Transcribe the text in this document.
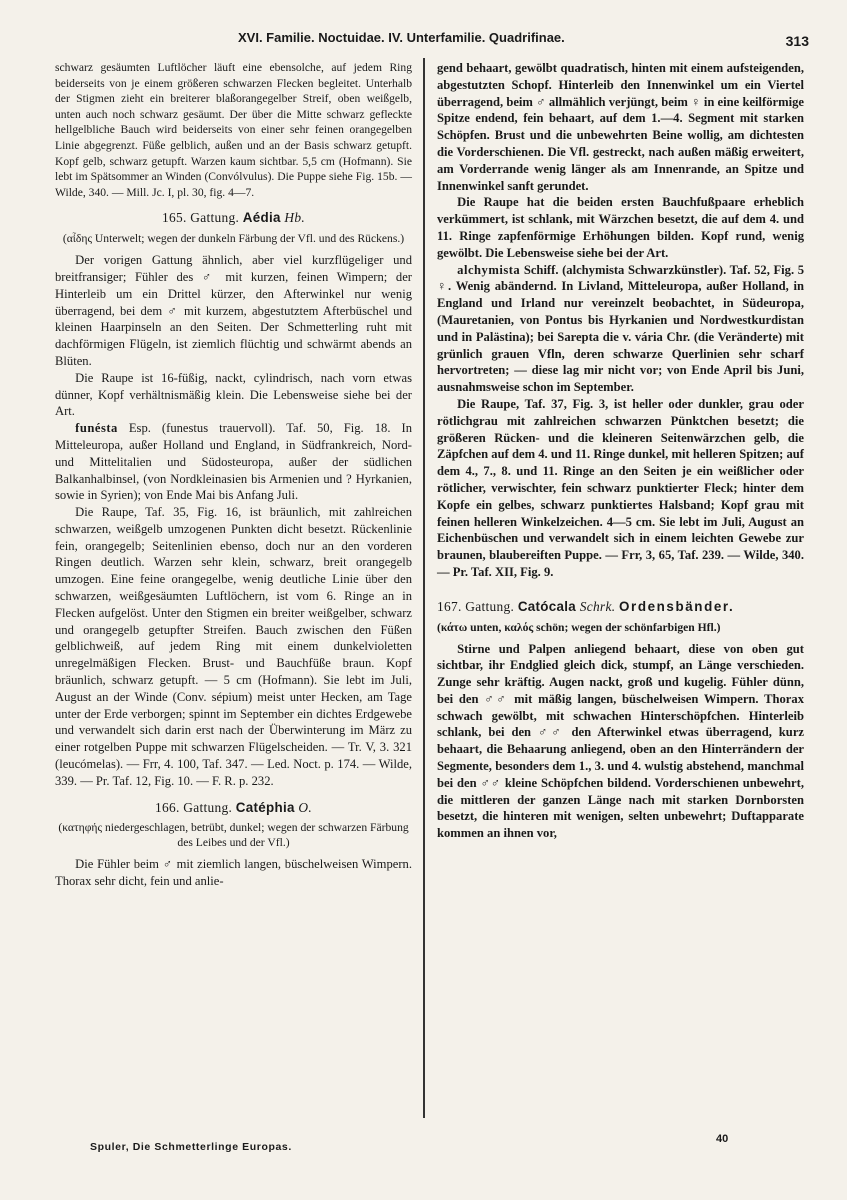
XVI. Familie. Noctuidae. IV. Unterfamilie. Quadrifinae.	313

schwarz gesäumten Luftlöcher läuft eine ebensolche, auf jedem Ring beiderseits von je einem größeren schwarzen Flecken begleitet. Unterhalb der Stigmen zieht ein breiterer blaßorangegelber Streif, oben weißgelb, unten auch noch schwarz gesäumt. Der über die Mitte schwarz gefleckte hellgelbliche Bauch wird beiderseits von einer sehr feinen orangegelben Linie abgegrenzt. Füße gelblich, außen und an der Basis schwarz getupft. Kopf gelb, schwarz getupft. Warzen kaum sichtbar. 5,5 cm (Hofmann). Sie lebt im Spätsommer an Winden (Convólvulus). Die Puppe siehe Fig. 15b. — Wilde, 340. — Mill. Jc. I, pl. 30, fig. 4—7.

165. Gattung. Aédia Hb.
(αἶδης Unterwelt; wegen der dunkeln Färbung der Vfl. und des Rückens.)

Der vorigen Gattung ähnlich, aber viel kurzflügeliger und breitfransiger; Fühler des ♂ mit kurzen, feinen Wimpern; der Hinterleib um ein Drittel kürzer, den Afterwinkel nur wenig überragend, bei dem ♂ mit kurzem, abgestutztem Afterbüschel und kleinen Haarpinseln an den Seiten. Der Schmetterling ruht mit dachförmigen Flügeln, ist ziemlich flüchtig und schwärmt abends an Blüten.

Die Raupe ist 16-füßig, nackt, cylindrisch, nach vorn etwas dünner, Kopf verhältnismäßig klein. Die Lebensweise siehe bei der Art.

funésta Esp. (funestus trauervoll). Taf. 50, Fig. 18. In Mitteleuropa, außer Holland und England, in Südfrankreich, Nord- und Mittelitalien und Südosteuropa, außer der südlichen Balkanhalbinsel, (von Nordkleinasien bis Armenien und ? Hyrkanien, sowie in Syrien); von Ende Mai bis Anfang Juli.

Die Raupe, Taf. 35, Fig. 16, ist bräunlich, mit zahlreichen schwarzen, weißgelb umzogenen Punkten dicht besetzt. Rückenlinie fein, orangegelb; Seitenlinien ebenso, doch nur an den vorderen Ringen deutlich. Warzen sehr klein, schwarz, breit orangegelb umzogen. Eine feine orangegelbe, wenig deutliche Linie über den schwarzen, weißgesäumten Luftlöchern, ist vom 6. Ringe an in Flecken aufgelöst. Unter den Stigmen ein breiter weißgelber, schwarz und orangegelb getupfter Streifen. Bauch zwischen den Füßen gelblichweiß, auf jedem Ring mit einem dunkelvioletten unregelmäßigen Flecken. Brust- und Bauchfüße braun. Kopf bräunlich, schwarz getupft. — 5 cm (Hofmann). Sie lebt im Juli, August an der Winde (Conv. sépium) meist unter Hecken, am Tage unter der Erde verborgen; spinnt im September ein dichtes Erdgewebe und verwandelt sich darin erst nach der Überwinterung im März zu einer rotgelben Puppe mit schwarzen Flügelscheiden. — Tr. V, 3. 321 (leucómelas). — Frr, 4. 100, Taf. 347. — Led. Noct. p. 174. — Wilde, 339. — Pr. Taf. 12, Fig. 10. — F. R. p. 232.

166. Gattung. Catéphia O.
(κατηφής niedergeschlagen, betrübt, dunkel; wegen der schwarzen Färbung des Leibes und der Vfl.)

Die Fühler beim ♂ mit ziemlich langen, büschelweisen Wimpern. Thorax sehr dicht, fein und anlie-

gend behaart, gewölbt quadratisch, hinten mit einem aufsteigenden, abgestutzten Schopf. Hinterleib den Innenwinkel um ein Viertel überragend, beim ♂ allmählich verjüngt, beim ♀ in eine keilförmige Spitze endend, fein behaart, auf dem 1.—4. Segment mit starken Schöpfen. Brust und die unbewehrten Beine wollig, am dichtesten die Vorderschienen. Die Vfl. gestreckt, nach außen mäßig erweitert, am Vorderrande wenig länger als am Innenrande, an Spitze und Innenwinkel sanft gerundet.

Die Raupe hat die beiden ersten Bauchfußpaare erheblich verkümmert, ist schlank, mit Wärzchen besetzt, die auf dem 4. und 11. Ringe zapfenförmige Erhöhungen bilden. Kopf rund, wenig gewölbt. Die Lebensweise siehe bei der Art.

alchymista Schiff. (alchymista Schwarzkünstler). Taf. 52, Fig. 5 ♀. Wenig abändernd. In Livland, Mitteleuropa, außer Holland, in England und Irland nur vereinzelt beobachtet, in Südeuropa, (Mauretanien, von Pontus bis Hyrkanien und Nordwestkurdistan und in Palästina); bei Sarepta die v. vária Chr. (die Veränderte) mit grünlich grauen Vfln, deren schwarze Querlinien sehr scharf hervortreten; — diese lag mir nicht vor; von Ende April bis Juni, ausnahmsweise schon im September.

Die Raupe, Taf. 37, Fig. 3, ist heller oder dunkler, grau oder rötlichgrau mit zahlreichen schwarzen Pünktchen besetzt; die größeren Rücken- und die kleineren Seitenwärzchen gelb, die Zäpfchen auf dem 4. und 11. Ringe dunkel, mit helleren Spitzen; auf dem 4., 7., 8. und 11. Ringe an den Seiten je ein weißlicher oder rötlicher, verwischter, fein schwarz punktierter Fleck; hinter dem Kopfe ein gelbes, schwarz punktiertes Halsband; Kopf grau mit feinen helleren Winkelzeichen. 4—5 cm. Sie lebt im Juli, August an Eichenbüschen und verwandelt sich in einem leichten Gewebe zur braunen, blaubereiften Puppe. — Frr, 3, 65, Taf. 239. — Wilde, 340. — Pr. Taf. XII, Fig. 9.

167. Gattung. Catócala Schrk. Ordensbänder.
(κάτω unten, καλός schön; wegen der schönfarbigen Hfl.)

Stirne und Palpen anliegend behaart, diese von oben gut sichtbar, ihr Endglied gleich dick, stumpf, an Länge verschieden. Zunge sehr kräftig. Augen nackt, groß und kugelig. Fühler dünn, bei den ♂♂ mit mäßig langen, büschelweisen Wimpern. Thorax schwach gewölbt, mit schwachen Hinterschöpfchen. Hinterleib schlank, bei den ♂♂ den Afterwinkel etwas überragend, kurz behaart, die Behaarung anliegend, oben an den Hinterrändern der Segmente, besonders dem 1., 3. und 4. wulstig abstehend, manchmal bei den ♂♂ kleine Schöpfchen bildend. Vorderschienen unbewehrt, die mittleren der ganzen Länge nach mit starken Dornborsten besetzt, die hinteren mit wenigen, selten unbewehrt; Duftapparate kommen an ihnen vor,

Spuler, Die Schmetterlinge Europas.
40
